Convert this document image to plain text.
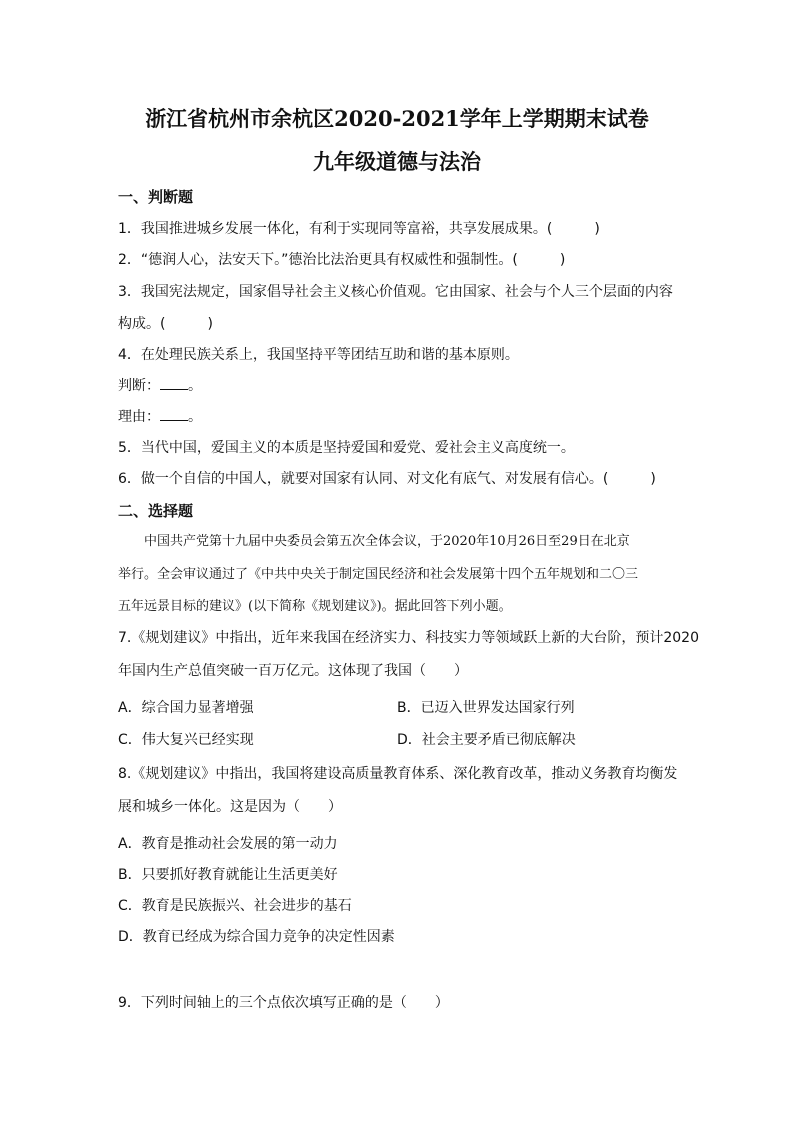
浙江省杭州市余杭区2020-2021学年上学期期末试卷
九年级道德与法治
一、判断题
1．我国推进城乡发展一体化，有利于实现同等富裕，共享发展成果。(　　　)
2．“德润人心，法安天下。”德治比法治更具有权威性和强制性。(　　　)
3．我国宪法规定，国家倡导社会主义核心价值观。它由国家、社会与个人三个层面的内容
构成。(　　　)
4．在处理民族关系上，我国坚持平等团结互助和谐的基本原则。
判断： 。
理由： 。
5．当代中国，爱国主义的本质是坚持爱国和爱党、爱社会主义高度统一。
6．做一个自信的中国人，就要对国家有认同、对文化有底气、对发展有信心。(　　　)
二、选择题
　　中国共产党第十九届中央委员会第五次全体会议，于2020年10月26日至29日在北京
举行。全会审议通过了《中共中央关于制定国民经济和社会发展第十四个五年规划和二〇三
五年远景目标的建议》(以下简称《规划建议》)。据此回答下列小题。
7.《规划建议》中指出，近年来我国在经济实力、科技实力等领域跃上新的大台阶，预计2020
年国内生产总值突破一百万亿元。这体现了我国（　　）
A．综合国力显著增强	B．已迈入世界发达国家行列
C．伟大复兴已经实现	D．社会主要矛盾已彻底解决
8.《规划建议》中指出，我国将建设高质量教育体系、深化教育改革，推动义务教育均衡发
展和城乡一体化。这是因为（　　）
A．教育是推动社会发展的第一动力
B．只要抓好教育就能让生活更美好
C．教育是民族振兴、社会进步的基石
D．教育已经成为综合国力竞争的决定性因素
9．下列时间轴上的三个点依次填写正确的是（　　）
